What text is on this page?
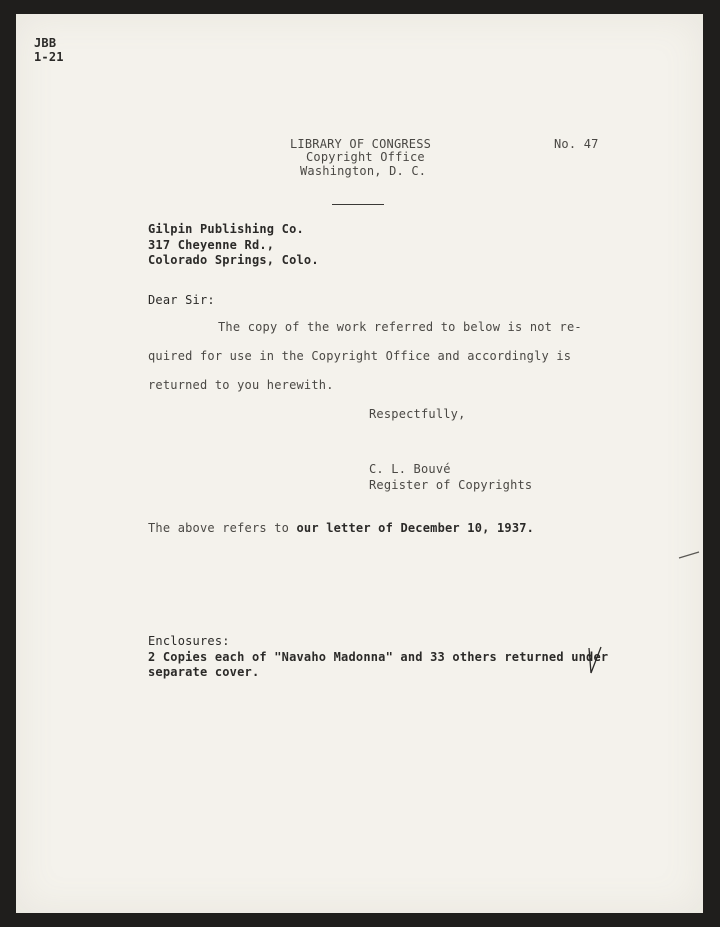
JBB
1-21
LIBRARY OF CONGRESS
Copyright Office
Washington, D. C.
No. 47
Gilpin Publishing Co.
317 Cheyenne Rd.,
Colorado Springs, Colo.
Dear Sir:
The copy of the work referred to below is not re-
quired for use in the Copyright Office and accordingly is
returned to you herewith.
Respectfully,
C. L. Bouvé
Register of Copyrights
The above refers to our letter of December 10, 1937.
Enclosures:
2 Copies each of "Navaho Madonna" and 33 others returned under
separate cover.
